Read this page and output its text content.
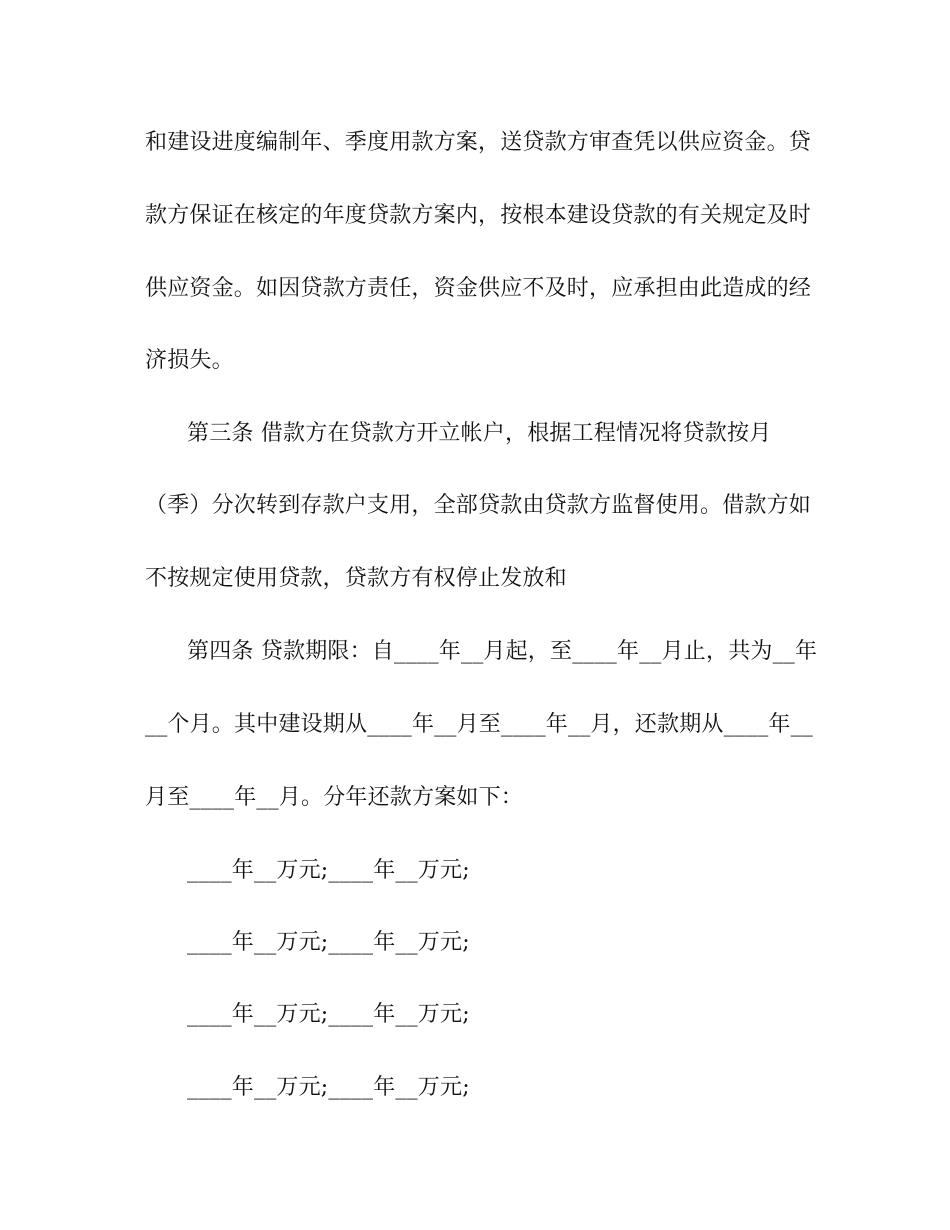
和建设进度编制年、季度用款方案，送贷款方审查凭以供应资金。贷
款方保证在核定的年度贷款方案内，按根本建设贷款的有关规定及时
供应资金。如因贷款方责任，资金供应不及时，应承担由此造成的经
济损失。
第三条 借款方在贷款方开立帐户，根据工程情况将贷款按月
（季）分次转到存款户支用，全部贷款由贷款方监督使用。借款方如
不按规定使用贷款，贷款方有权停止发放和
第四条 贷款期限：自____年__月起，至____年__月止，共为__年
__个月。其中建设期从____年__月至____年__月，还款期从____年__
月至____年__月。分年还款方案如下：
____年__万元;____年__万元;
____年__万元;____年__万元;
____年__万元;____年__万元;
____年__万元;____年__万元;
